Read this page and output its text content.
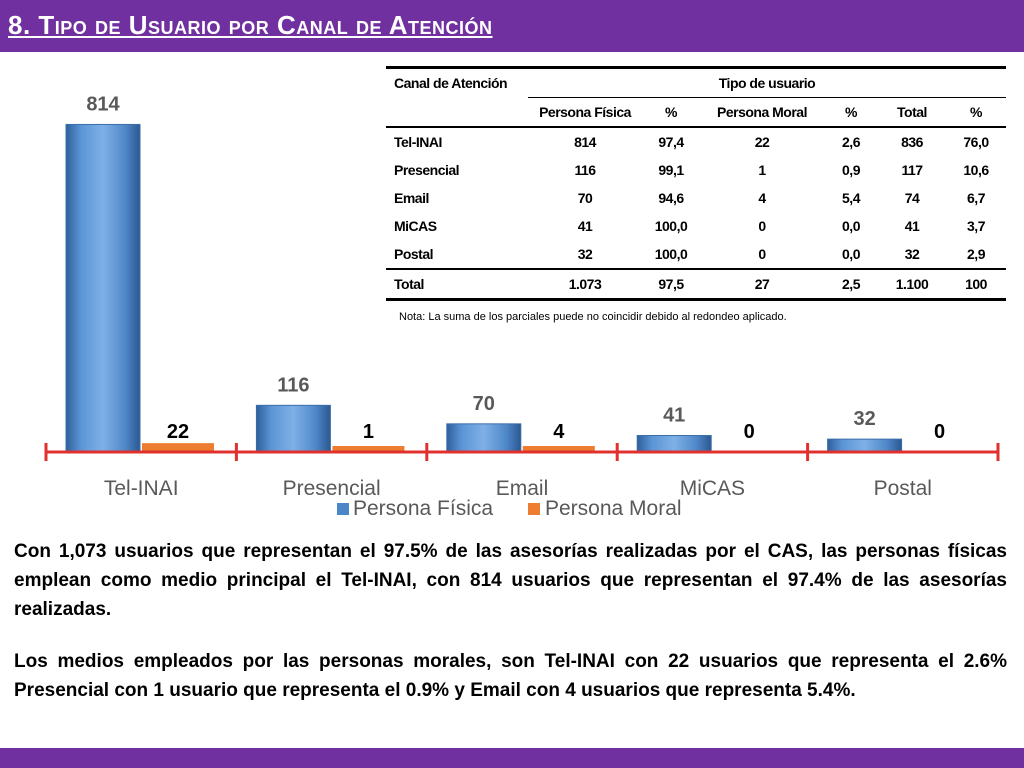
8. Tipo de Usuario por Canal de Atención
814
22
Tel-INAI
116
1
Presencial
70
4
Email
41
0
MiCAS
32
0
Postal
Persona Física Persona Moral
Canal de Atención	Tipo de usuario					
	Persona Física	%	Persona Moral	%	Total	%
Tel-INAI	814	97,4	22	2,6	836	76,0
Presencial	116	99,1	1	0,9	117	10,6
Email	70	94,6	4	5,4	74	6,7
MiCAS	41	100,0	0	0,0	41	3,7
Postal	32	100,0	0	0,0	32	2,9
Total	1.073	97,5	27	2,5	1.100	100
Nota: La suma de los parciales puede no coincidir debido al redondeo aplicado.

Con 1,073 usuarios que representan el 97.5% de las asesorías realizadas por el CAS, las personas físicas emplean como medio principal el Tel-INAI, con 814 usuarios que representan el 97.4% de las asesorías realizadas.

Los medios empleados por las personas morales, son Tel-INAI con 22 usuarios que representa el 2.6% Presencial con 1 usuario que representa el 0.9% y Email con 4 usuarios que representa 5.4%.
